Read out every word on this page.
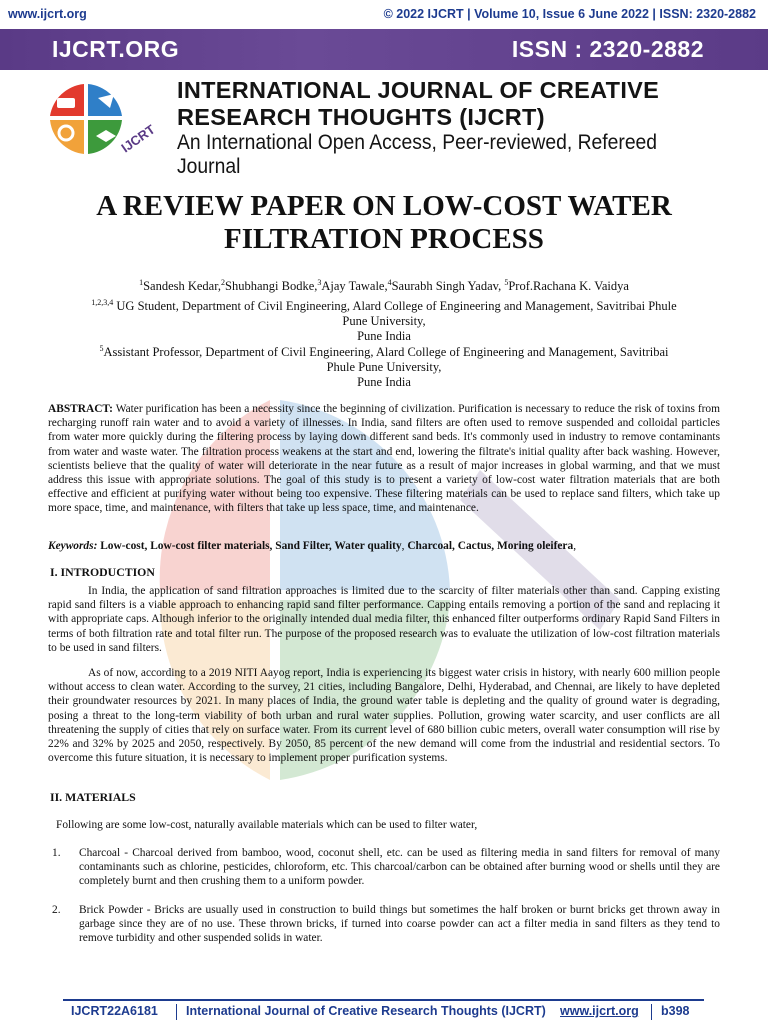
www.ijcrt.org	© 2022 IJCRT | Volume 10, Issue 6 June 2022 | ISSN: 2320-2882
IJCRT.ORG	ISSN : 2320-2882
IJCRT
INTERNATIONAL JOURNAL OF CREATIVE
RESEARCH THOUGHTS (IJCRT)
An International Open Access, Peer-reviewed, Refereed Journal
A REVIEW PAPER ON LOW-COST WATER
FILTRATION PROCESS
$^1$Sandesh Kedar,$^2$Shubhangi Bodke,$^3$Ajay Tawale,$^4$Saurabh Singh Yadav, $^5$Prof.Rachana K. Vaidya
$^{1,2,3,4}$ UG Student, Department of Civil Engineering, Alard College of Engineering and Management, Savitribai Phule
Pune University,
Pune India
$^5$Assistant Professor, Department of Civil Engineering, Alard College of Engineering and Management, Savitribai
Phule Pune University,
Pune India
ABSTRACT: Water purification has been a necessity since the beginning of civilization. Purification is necessary to reduce the risk of toxins from recharging runoff rain water and to avoid a variety of illnesses. In India, sand filters are often used to remove suspended and colloidal particles from water more quickly during the filtering process by laying down different sand beds. It's commonly used in industry to remove contaminants from water and waste water. The filtration process weakens at the start and end, lowering the filtrate's initial quality after back washing. However, scientists believe that the quality of water will deteriorate in the near future as a result of major increases in global warming, and that we must address this issue with appropriate solutions. The goal of this study is to present a variety of low-cost water filtration materials that are both effective and efficient at purifying water without being too expensive. These filtering materials can be used to replace sand filters, which take up more space, time, and maintenance, with filters that take up less space, time, and maintenance.
Keywords: Low-cost, Low-cost filter materials, Sand Filter, Water quality, Charcoal, Cactus, Moring oleifera,
I. INTRODUCTION
In India, the application of sand filtration approaches is limited due to the scarcity of filter materials other than sand. Capping existing rapid sand filters is a viable approach to enhancing rapid sand filter performance. Capping entails removing a portion of the sand and replacing it with appropriate caps. Although inferior to the originally intended dual media filter, this enhanced filter outperforms ordinary Rapid Sand Filters in terms of both filtration rate and total filter run. The purpose of the proposed research was to evaluate the utilization of low-cost filtration materials to be used in sand filters.
As of now, according to a 2019 NITI Aayog report, India is experiencing its biggest water crisis in history, with nearly 600 million people without access to clean water. According to the survey, 21 cities, including Bangalore, Delhi, Hyderabad, and Chennai, are likely to have depleted their groundwater resources by 2021. In many places of India, the ground water table is depleting and the quality of ground water is degrading, posing a threat to the long-term viability of both urban and rural water supplies. Pollution, growing water scarcity, and user conflicts are all threatening the supply of cities that rely on surface water. From its current level of 680 billion cubic meters, overall water consumption will rise by 22% and 32% by 2025 and 2050, respectively. By 2050, 85 percent of the new demand will come from the industrial and residential sectors. To overcome this future situation, it is necessary to implement proper purification systems.
II. MATERIALS
Following are some low-cost, naturally available materials which can be used to filter water,
1. Charcoal - Charcoal derived from bamboo, wood, coconut shell, etc. can be used as filtering media in sand filters for removal of many contaminants such as chlorine, pesticides, chloroform, etc. This charcoal/carbon can be obtained after burning wood or shells until they are completely burnt and then crushing them to a uniform powder.
2. Brick Powder - Bricks are usually used in construction to build things but sometimes the half broken or burnt bricks get thrown away in garbage since they are of no use. These thrown bricks, if turned into coarse powder can act a filter media in sand filters as they tend to remove turbidity and other suspended solids in water.
IJCRT22A6181 International Journal of Creative Research Thoughts (IJCRT) www.ijcrt.org b398
